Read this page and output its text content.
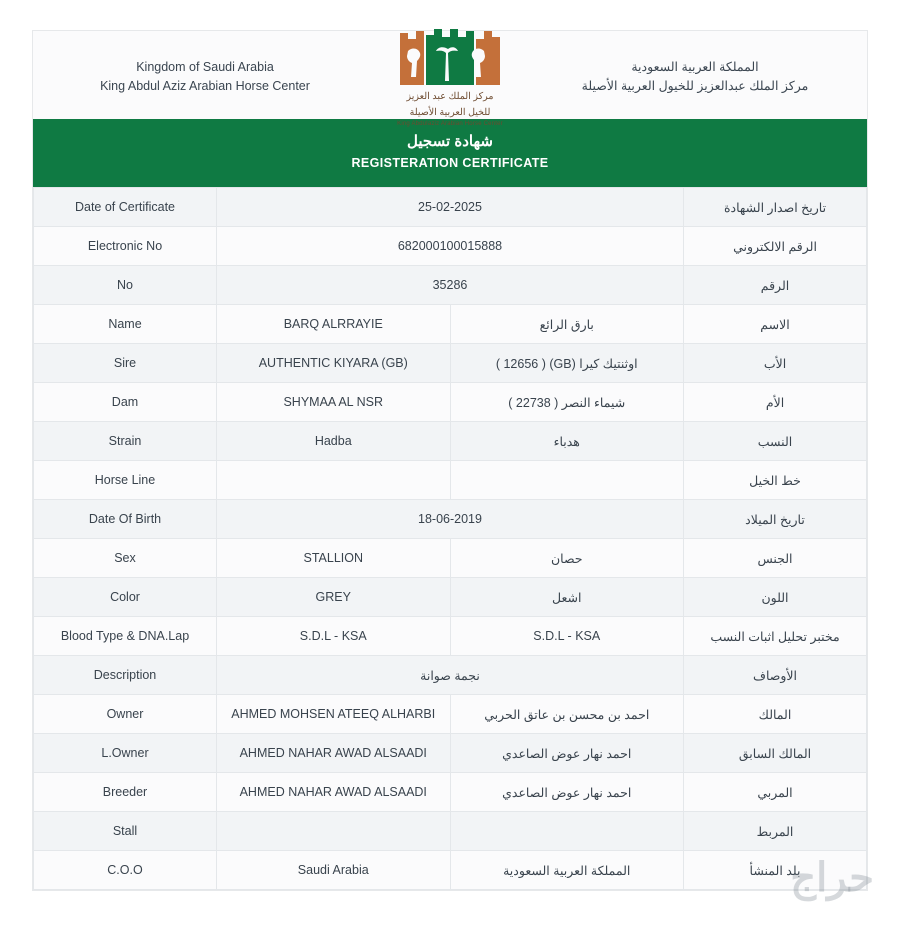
Kingdom of Saudi Arabia
King Abdul Aziz Arabian Horse Center
مركز الملك عبد العزيز
للخيل العربية الأصيلة
King Abdulaziz Arabian Horse Center
المملكة العربية السعودية
مركز الملك عبدالعزيز للخيول العربية الأصيلة
شهادة تسجيل
REGISTERATION CERTIFICATE
Date of Certificate	25-02-2025		تاريخ اصدار الشهادة
Electronic No	682000100015888		الرقم الالكتروني
No	35286		الرقم
Name	BARQ ALRRAYIE	بارق الرائع	الاسم
Sire	AUTHENTIC KIYARA (GB)	اوثنتيك كيرا (GB) ( 12656 )	الأب
Dam	SHYMAA AL NSR	شيماء النصر ( 22738 )	الأم
Strain	Hadba	هدباء	النسب
Horse Line			خط الخيل
Date Of Birth	18-06-2019		تاريخ الميلاد
Sex	STALLION	حصان	الجنس
Color	GREY	اشعل	اللون
Blood Type & DNA.Lap	S.D.L - KSA	S.D.L - KSA	مختبر تحليل اثبات النسب
Description	نجمة صوانة		الأوصاف
Owner	AHMED MOHSEN ATEEQ ALHARBI	احمد بن محسن بن عاتق الحربي	المالك
L.Owner	AHMED NAHAR AWAD ALSAADI	احمد نهار عوض الصاعدي	المالك السابق
Breeder	AHMED NAHAR AWAD ALSAADI	احمد نهار عوض الصاعدي	المربي
Stall			المربط
C.O.O	Saudi Arabia	المملكة العربية السعودية	بلد المنشأ
حراج
